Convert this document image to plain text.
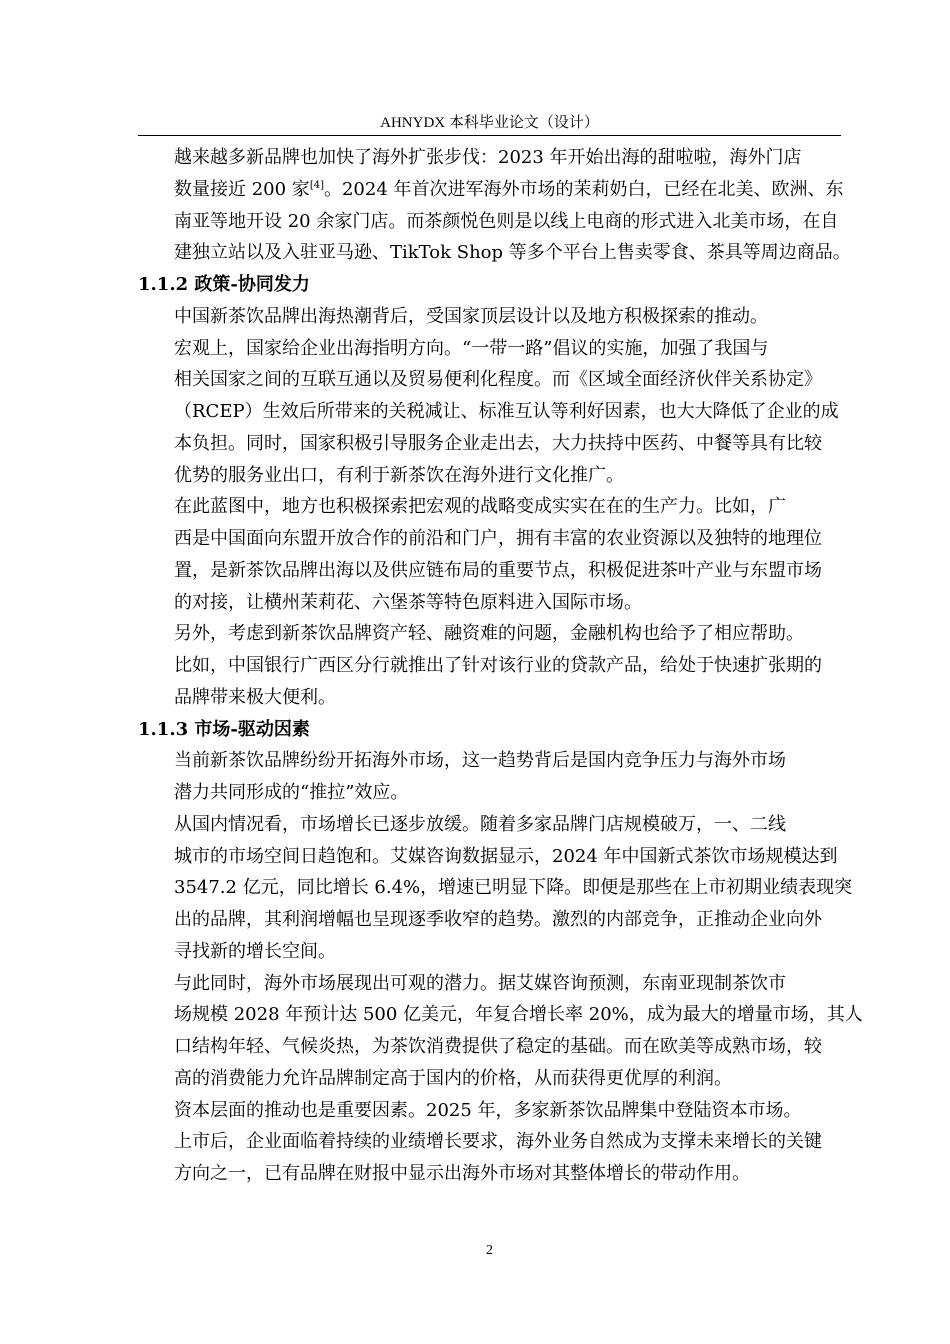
AHNYDX 本科毕业论文（设计）

越来越多新品牌也加快了海外扩张步伐：2023 年开始出海的甜啦啦，海外门店
数量接近 200 家[4]。2024 年首次进军海外市场的茉莉奶白，已经在北美、欧洲、东
南亚等地开设 20 余家门店。而茶颜悦色则是以线上电商的形式进入北美市场，在自
建独立站以及入驻亚马逊、TikTok Shop 等多个平台上售卖零食、茶具等周边商品。

1.1.2 政策-协同发力

中国新茶饮品牌出海热潮背后，受国家顶层设计以及地方积极探索的推动。

宏观上，国家给企业出海指明方向。“一带一路”倡议的实施，加强了我国与
相关国家之间的互联互通以及贸易便利化程度。而《区域全面经济伙伴关系协定》
（RCEP）生效后所带来的关税减让、标准互认等利好因素，也大大降低了企业的成
本负担。同时，国家积极引导服务企业走出去，大力扶持中医药、中餐等具有比较
优势的服务业出口，有利于新茶饮在海外进行文化推广。

在此蓝图中，地方也积极探索把宏观的战略变成实实在在的生产力。比如，广
西是中国面向东盟开放合作的前沿和门户，拥有丰富的农业资源以及独特的地理位
置，是新茶饮品牌出海以及供应链布局的重要节点，积极促进茶叶产业与东盟市场
的对接，让横州茉莉花、六堡茶等特色原料进入国际市场。

另外，考虑到新茶饮品牌资产轻、融资难的问题，金融机构也给予了相应帮助。
比如，中国银行广西区分行就推出了针对该行业的贷款产品，给处于快速扩张期的
品牌带来极大便利。

1.1.3 市场-驱动因素

当前新茶饮品牌纷纷开拓海外市场，这一趋势背后是国内竞争压力与海外市场
潜力共同形成的“推拉”效应。

从国内情况看，市场增长已逐步放缓。随着多家品牌门店规模破万，一、二线
城市的市场空间日趋饱和。艾媒咨询数据显示，2024 年中国新式茶饮市场规模达到
3547.2 亿元，同比增长 6.4%，增速已明显下降。即便是那些在上市初期业绩表现突
出的品牌，其利润增幅也呈现逐季收窄的趋势。激烈的内部竞争，正推动企业向外
寻找新的增长空间。

与此同时，海外市场展现出可观的潜力。据艾媒咨询预测，东南亚现制茶饮市
场规模 2028 年预计达 500 亿美元，年复合增长率 20%，成为最大的增量市场，其人
口结构年轻、气候炎热，为茶饮消费提供了稳定的基础。而在欧美等成熟市场，较
高的消费能力允许品牌制定高于国内的价格，从而获得更优厚的利润。

资本层面的推动也是重要因素。2025 年，多家新茶饮品牌集中登陆资本市场。
上市后，企业面临着持续的业绩增长要求，海外业务自然成为支撑未来增长的关键
方向之一，已有品牌在财报中显示出海外市场对其整体增长的带动作用。

2
